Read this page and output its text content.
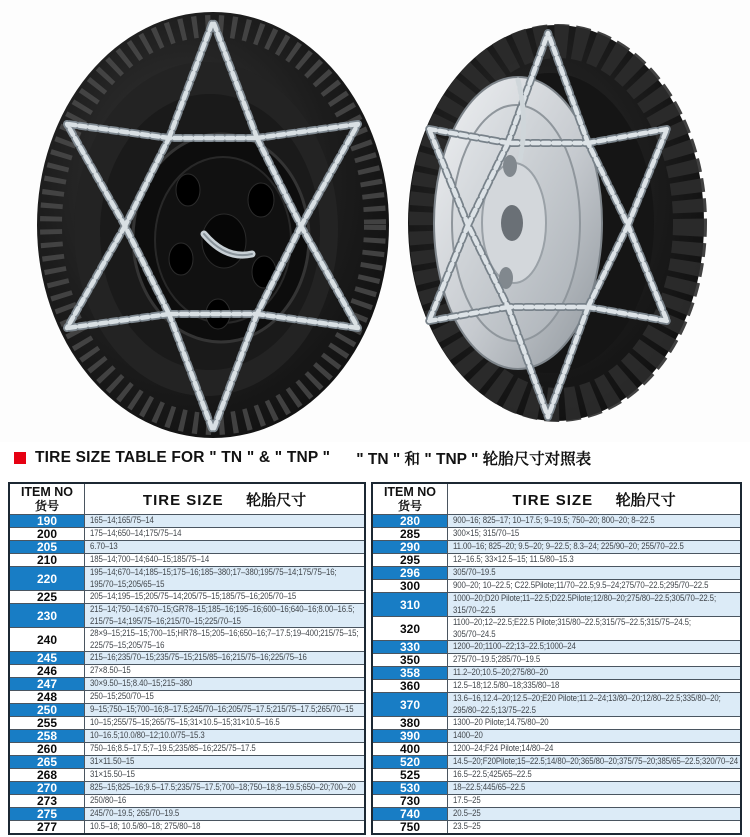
TIRE SIZE TABLE FOR " TN " & " TNP " " TN " 和 " TNP " 轮胎尺寸对照表
ITEM NO
货号	TIRE SIZE 轮胎尺寸
190	165–14;165/75–14

200	175–14;650–14;175/75–14

205	6.70–13

210	185–14;700–14;640–15;185/75–14

220	195–14;670–14;185–15;175–16;185–380;17–380;195/75–14;175/75–16;
195/70–15;205/65–15

225	205–14;195–15;205/75–14;205/75–15;185/75–16;205/70–15

230	215–14;750–14;670–15;GR78–15;185–16;195–16;600–16;640–16;8.00–16.5;
215/75–14;195/75–16;215/70–15;225/70–15

240	28×9–15;215–15;700–15;HR78–15;205–16;650–16;7–17.5;19–400;215/75–15;
225/75–15;205/75–16

245	215–16;235/70–15;235/75–15;215/85–16;215/75–16;225/75–16

246	27×8.50–15

247	30×9.50–15;8.40–15;215–380

248	250–15;250/70–15

250	9–15;750–15;700–16;8–17.5;245/70–16;205/75–17.5;215/75–17.5;265/70–15

255	10–15;255/75–15;265/75–15;31×10.5–15;31×10.5–16.5

258	10–16.5;10.0/80–12;10.0/75–15.3

260	750–16;8.5–17.5;7–19.5;235/85–16;225/75–17.5

265	31×11.50–15

268	31×15.50–15

270	825–15;825–16;9.5–17.5;235/75–17.5;700–18;750–18;8–19.5;650–20;700–20

273	250/80–16

275	245/70–19.5; 265/70–19.5

277	10.5–18; 10.5/80–18; 275/80–18
ITEM NO
货号	TIRE SIZE 轮胎尺寸
280	900–16; 825–17; 10–17.5; 9–19.5; 750–20; 800–20; 8–22.5

285	300×15; 315/70–15

290	11.00–16; 825–20; 9.5–20; 9–22.5; 8.3–24; 225/90–20; 255/70–22.5

295	12–16.5; 33×12.5–15; 11.5/80–15.3

296	305/70–19.5

300	900–20; 10–22.5; C22.5Pilote;11/70–22.5;9.5–24;275/70–22.5;295/70–22.5

310	1000–20;D20 Pilote;11–22.5;D22.5Pilote;12/80–20;275/80–22.5;305/70–22.5;
315/70–22.5

320	1100–20;12–22.5;E22.5 Pilote;315/80–22.5;315/75–22.5;315/75–24.5;
305/70–24.5

330	1200–20;1100–22;13–22.5;1000–24

350	275/70–19.5;285/70–19.5

358	11.2–20;10.5–20;275/80–20

360	12.5–18;12.5/80–18;335/80–18

370	13.6–16,12.4–20;12.5–20;E20 Pilote;11.2–24;13/80–20;12/80–22.5;335/80–20;
295/80–22.5;13/75–22.5

380	1300–20 Pilote;14.75/80–20

390	1400–20

400	1200–24;F24 Pilote;14/80–24

520	14.5–20;F20Pilote;15–22.5;14/80–20;365/80–20;375/75–20;385/65–22.5;320/70–24

525	16.5–22.5;425/65–22.5

530	18–22.5;445/65–22.5

730	17.5–25

740	20.5–25

750	23.5–25
